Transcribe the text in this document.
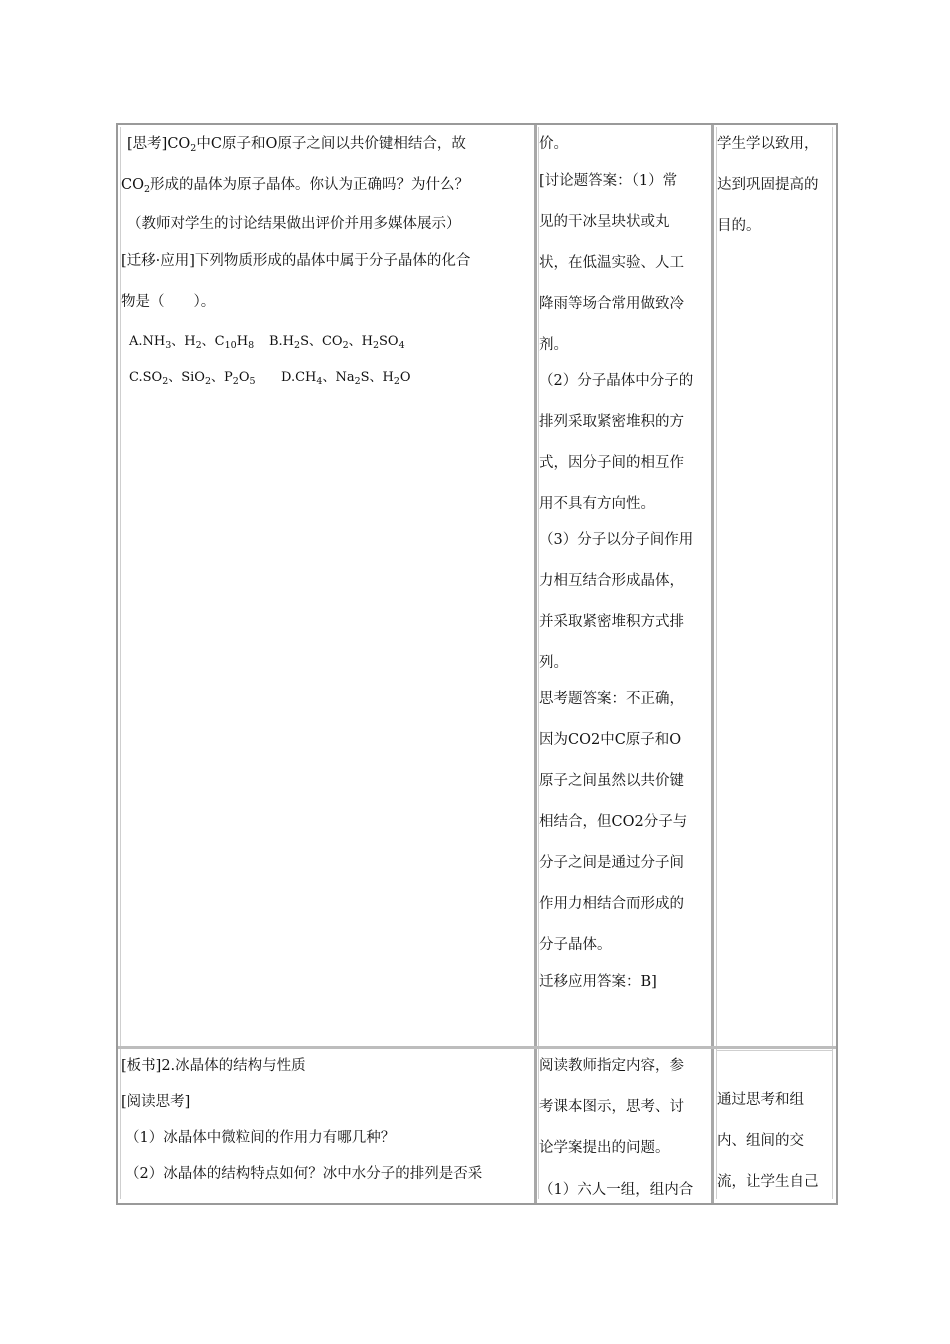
[思考]$CO_2$中C原子和O原子之间以共价键相结合，故
$CO_2$形成的晶体为原子晶体。你认为正确吗？为什么？
（教师对学生的讨论结果做出评价并用多媒体展示）
[迁移·应用]下列物质形成的晶体中属于分子晶体的化合
物是（　　）。
$A.NH_3$、$H_2$、$C_{10}H_8$ $B.H_2S$、$CO_2$、$H_2SO_4$
$C.SO_2$、SiO$_2$、$P_2O_5$ $D.CH_4$、$Na_2S$、$H_2O$
价。
[讨论题答案：（1）常
见的干冰呈块状或丸
状，在低温实验、人工
降雨等场合常用做致冷
剂。
（2）分子晶体中分子的
排列采取紧密堆积的方
式，因分子间的相互作
用不具有方向性。
（3）分子以分子间作用
力相互结合形成晶体，
并采取紧密堆积方式排
列。
思考题答案：不正确，
因为CO2中C原子和O
原子之间虽然以共价键
相结合，但CO2分子与
分子之间是通过分子间
作用力相结合而形成的
分子晶体。
迁移应用答案：B]
学生学以致用，
达到巩固提高的
目的。
[板书]2.冰晶体的结构与性质
[阅读思考]
（1）冰晶体中微粒间的作用力有哪几种？
（2）冰晶体的结构特点如何？冰中水分子的排列是否采
阅读教师指定内容，参
考课本图示，思考、讨
论学案提出的问题。
（1）六人一组，组内合
通过思考和组
内、组间的交
流，让学生自己
